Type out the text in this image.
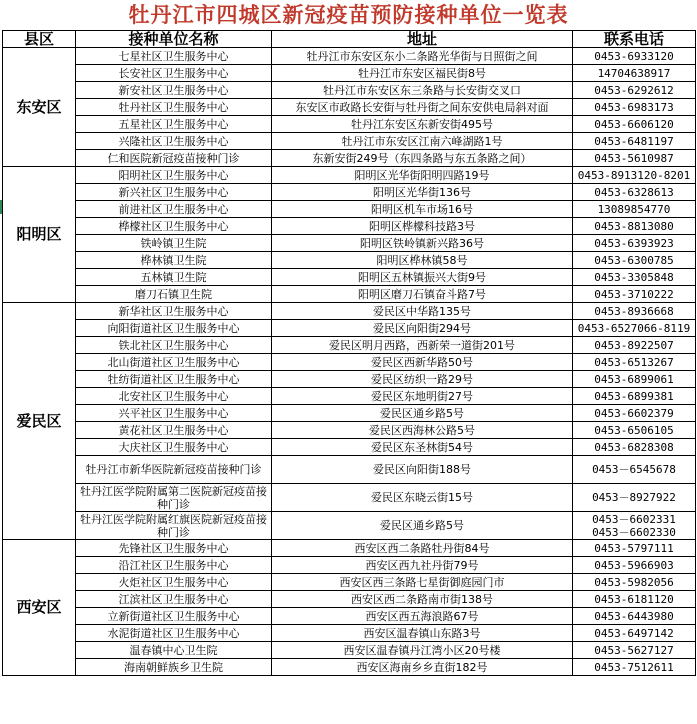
牡丹江市四城区新冠疫苗预防接种单位一览表
县区	接种单位名称	地址	联系电话
东安区	七星社区卫生服务中心	牡丹江市东安区东小二条路光华街与日照街之间	0453-6933120
	长安社区卫生服务中心	牡丹江市东安区福民街8号	14704638917
	新安社区卫生服务中心	牡丹江市东安区东三条路与长安街交叉口	0453-6292612
	牡丹社区卫生服务中心	东安区市政路长安街与牡丹街之间东安供电局斜对面	0453-6983173
	五星社区卫生服务中心	牡丹江东安区东新安街495号	0453-6606120
	兴隆社区卫生服务中心	牡丹江市东安区江南六峰湖路1号	0453-6481197
	仁和医院新冠疫苗接种门诊	东新安街249号（东四条路与东五条路之间）	0453-5610987
阳明区	阳明社区卫生服务中心	阳明区光华街阳明四路19号	0453-8913120-8201
	新兴社区卫生服务中心	阳明区光华街136号	0453-6328613
	前进社区卫生服务中心	阳明区机车市场16号	13089854770
	桦檬社区卫生服务中心	阳明区桦檬科技路3号	0453-8813080
	铁岭镇卫生院	阳明区铁岭镇新兴路36号	0453-6393923
	桦林镇卫生院	阳明区桦林镇58号	0453-6300785
	五林镇卫生院	阳明区五林镇振兴大街9号	0453-3305848
	磨刀石镇卫生院	阳明区磨刀石镇奋斗路7号	0453-3710222
爱民区	新华社区卫生服务中心	爱民区中华路135号	0453-8936668
	向阳街道社区卫生服务中心	爱民区向阳街294号	0453-6527066-8119
	铁北社区卫生服务中心	爱民区明月西路，西新荣一道街201号	0453-8922507
	北山街道社区卫生服务中心	爱民区西新华路50号	0453-6513267
	牡纺街道社区卫生服务中心	爱民区纺织一路29号	0453-6899061
	北安社区卫生服务中心	爱民区东地明街27号	0453-6899381
	兴平社区卫生服务中心	爱民区通乡路5号	0453-6602379
	黄花社区卫生服务中心	爱民区西海林公路5号	0453-6506105
	大庆社区卫生服务中心	爱民区东圣林街54号	0453-6828308
	牡丹江市新华医院新冠疫苗接种门诊	爱民区向阳街188号	0453－6545678
	牡丹江医学院附属第二医院新冠疫苗接种门诊	爱民区东晓云街15号	0453－8927922
	牡丹江医学院附属红旗医院新冠疫苗接种门诊	爱民区通乡路5号	0453－6602331
0453－6602330

西安区	先锋社区卫生服务中心	西安区西二条路牡丹街84号	0453-5797111
	沿江社区卫生服务中心	西安区西九社丹街79号	0453-5966903
	火炬社区卫生服务中心	西安区西三条路七星街御庭园门市	0453-5982056
	江滨社区卫生服务中心	西安区西二条路南市街138号	0453-6181120
	立新街道社区卫生服务中心	西安区西五海浪路67号	0453-6443980
	水泥街道社区卫生服务中心	西安区温春镇山东路3号	0453-6497142
	温春镇中心卫生院	西安区温春镇丹江湾小区20号楼	0453-5627127
	海南朝鲜族乡卫生院	西安区海南乡乡直街182号	0453-7512611
